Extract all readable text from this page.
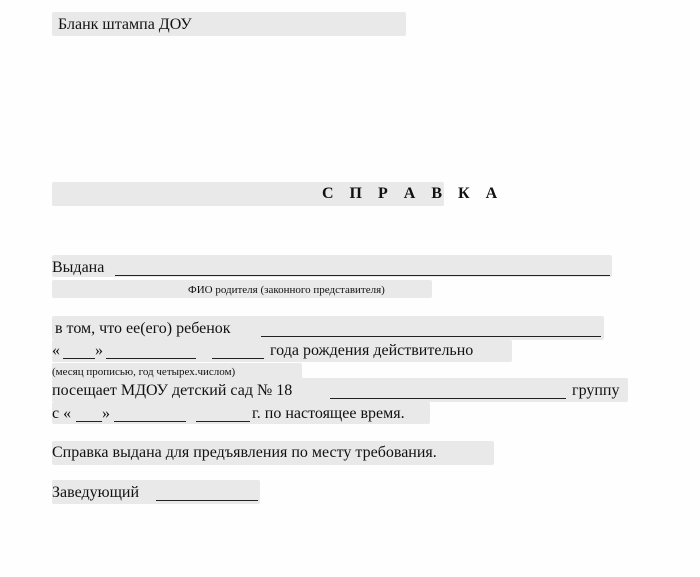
Бланк штампа ДОУ
С П Р А В К А
Выдана
ФИО родителя (законного представителя)
в том, что ее(его) ребенок
« »	года рождения действительно
(месяц прописью, год четырех.числом)
посещает МДОУ детский сад № 18	группу
с « »	г. по настоящее время.
Справка выдана для предъявления по месту требования.
Заведующий
